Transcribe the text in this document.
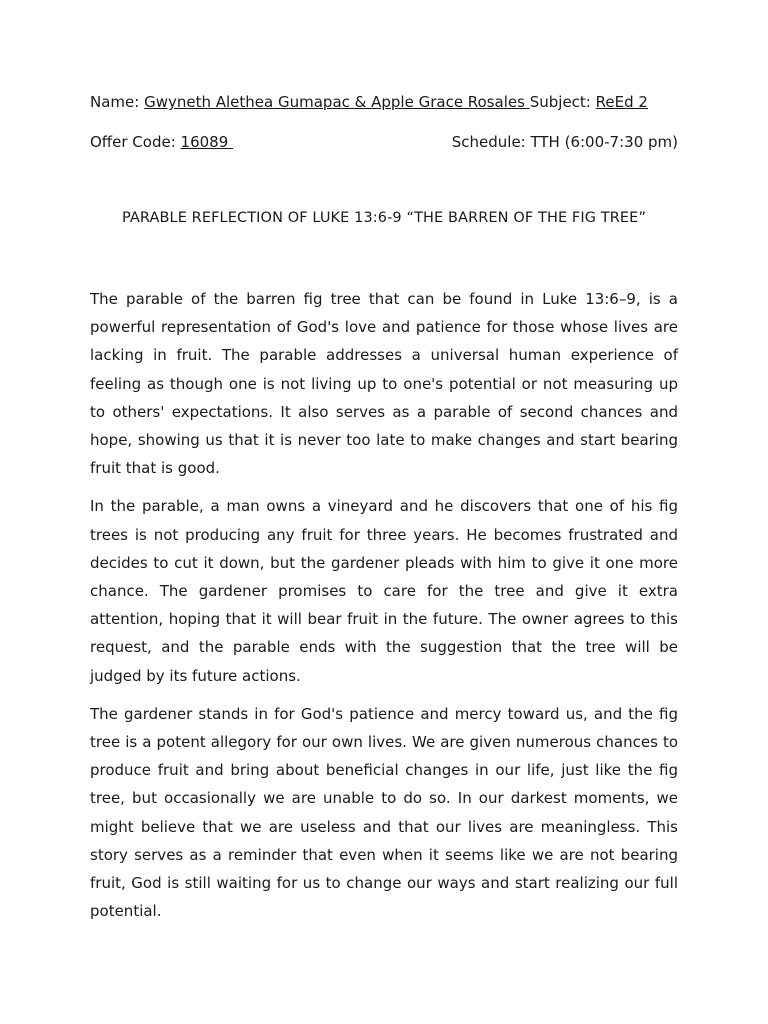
Name: Gwyneth Alethea Gumapac & Apple Grace Rosales Subject: ReEd 2
Offer Code: 16089	Schedule: TTH (6:00-7:30 pm)
PARABLE REFLECTION OF LUKE 13:6-9 “THE BARREN OF THE FIG TREE”

The parable of the barren fig tree that can be found in Luke 13:6–9, is a powerful representation of God's love and patience for those whose lives are lacking in fruit. The parable addresses a universal human experience of feeling as though one is not living up to one's potential or not measuring up to others' expectations. It also serves as a parable of second chances and hope, showing us that it is never too late to make changes and start bearing fruit that is good.

In the parable, a man owns a vineyard and he discovers that one of his fig trees is not producing any fruit for three years. He becomes frustrated and decides to cut it down, but the gardener pleads with him to give it one more chance. The gardener promises to care for the tree and give it extra attention, hoping that it will bear fruit in the future. The owner agrees to this request, and the parable ends with the suggestion that the tree will be judged by its future actions.

The gardener stands in for God's patience and mercy toward us, and the fig tree is a potent allegory for our own lives. We are given numerous chances to produce fruit and bring about beneficial changes in our life, just like the fig tree, but occasionally we are unable to do so. In our darkest moments, we might believe that we are useless and that our lives are meaningless. This story serves as a reminder that even when it seems like we are not bearing fruit, God is still waiting for us to change our ways and start realizing our full potential.
